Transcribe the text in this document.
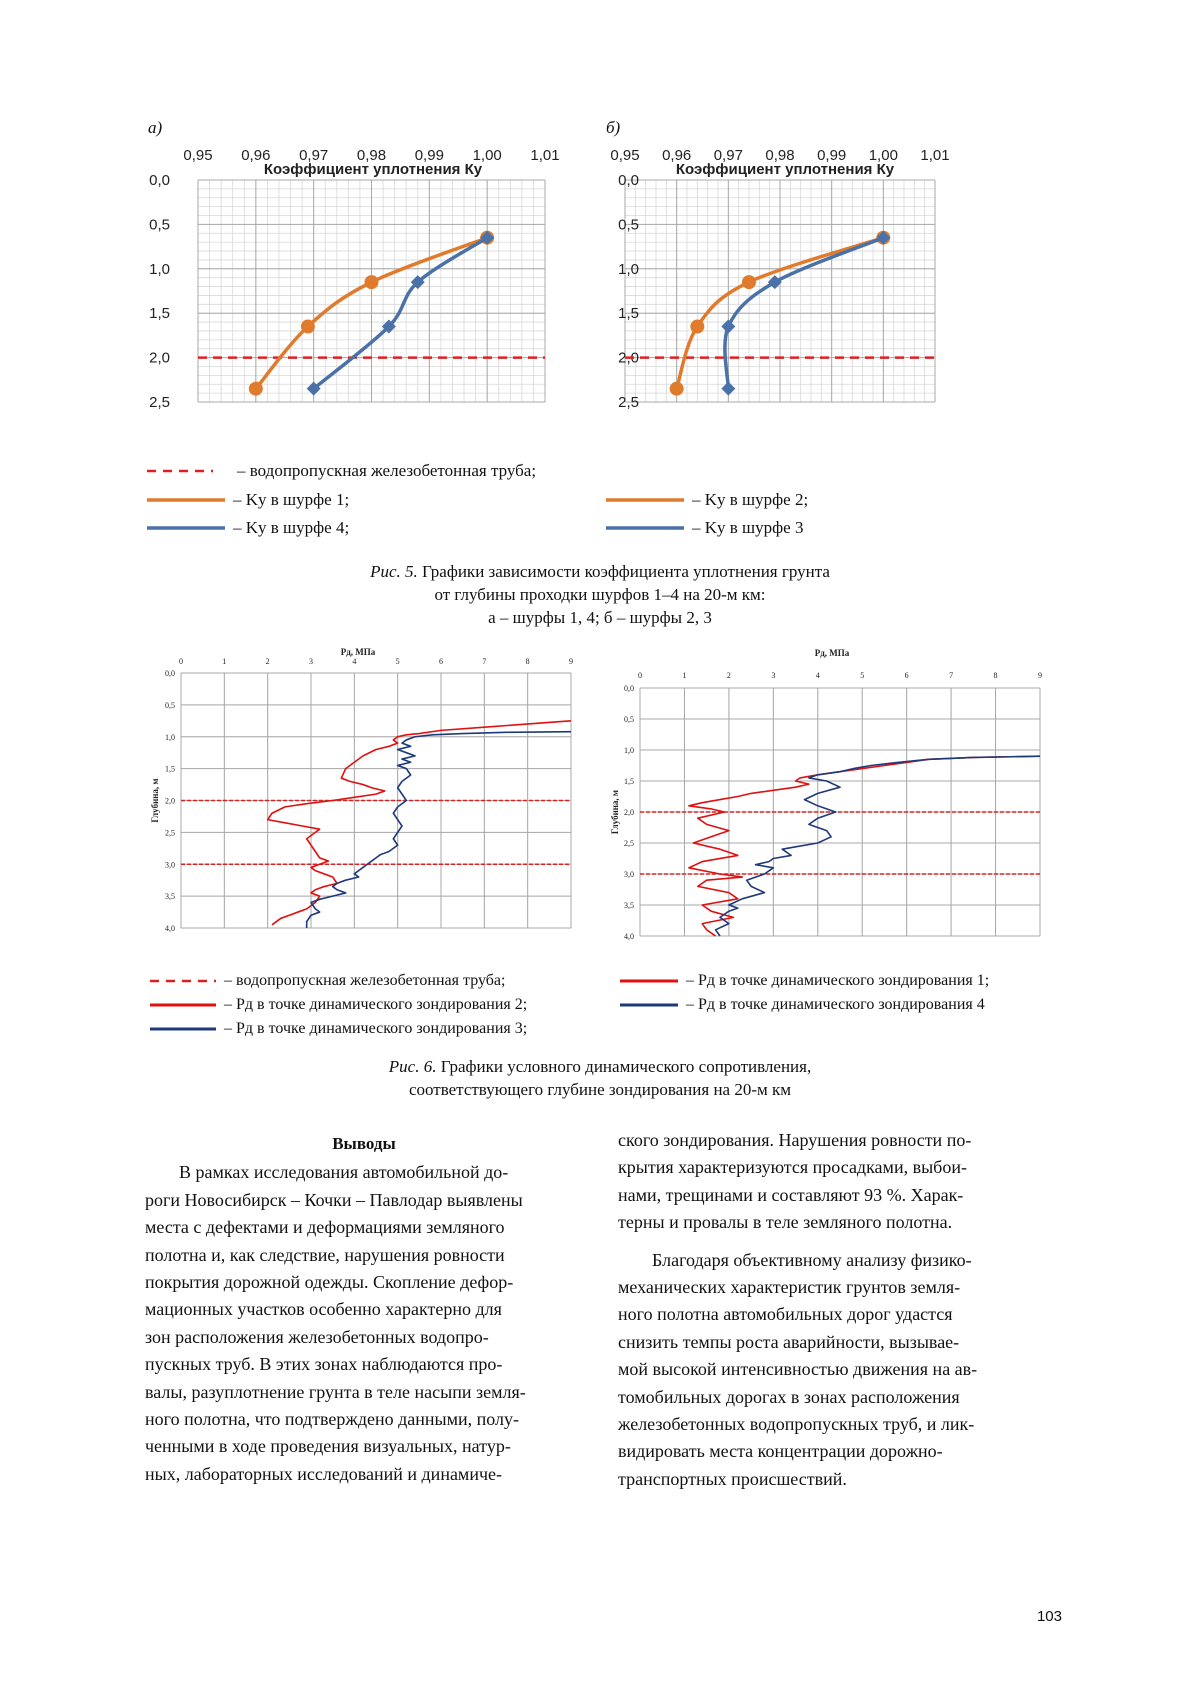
а)	б)
0,95 0,96 0,97 0,98 0,99 1,00 1,01
0,0
0,5
1,0
1,5
2,0
2,5
Коэффициент уплотнения Ку
0,95 0,96 0,97 0,98 0,99 1,00 1,01
0,0
0,5
1,0
1,5
2,0
2,5
Коэффициент уплотнения Ку
– водопропускная железобетонная труба;
– Kу в шурфе 1;
– Kу в шурфе 4;
– Kу в шурфе 2;
– Kу в шурфе 3
Рис. 5. Графики зависимости коэффициента уплотнения грунта
от глубины проходки шурфов 1–4 на 20-м км:
а – шурфы 1, 4; б – шурфы 2, 3
0	1	2	3	4	5	6	7	8	9
0,0
0,5
1,0
1,5
2,0
2,5
3,0
3,5
4,0
Pд, МПа
Глубина, м
0	1	2	3	4	5	6	7	8	9
0,0
0,5
1,0
1,5
2,0
2,5
3,0
3,5
4,0
Pд, МПа
Глубина, м
– водопропускная железобетонная труба;
– Pд в точке динамического зондирования 2;
– Pд в точке динамического зондирования 3;
– Pд в точке динамического зондирования 1;
– Pд в точке динамического зондирования 4
Рис. 6. Графики условного динамического сопротивления,
соответствующего глубине зондирования на 20-м км
Выводы

В рамках исследования автомобильной до-
роги Новосибирск – Кочки – Павлодар выявлены
места с дефектами и деформациями земляного
полотна и, как следствие, нарушения ровности
покрытия дорожной одежды. Скопление дефор-
мационных участков особенно характерно для
зон расположения железобетонных водопро-
пускных труб. В этих зонах наблюдаются про-
валы, разуплотнение грунта в теле насыпи земля-
ного полотна, что подтверждено данными, полу-
ченными в ходе проведения визуальных, натур-
ных, лабораторных исследований и динамиче-

ского зондирования. Нарушения ровности по-
крытия характеризуются просадками, выбои-
нами, трещинами и составляют 93 %. Харак-
терны и провалы в теле земляного полотна.

Благодаря объективному анализу физико-
механических характеристик грунтов земля-
ного полотна автомобильных дорог удастся
снизить темпы роста аварийности, вызывае-
мой высокой интенсивностью движения на ав-
томобильных дорогах в зонах расположения
железобетонных водопропускных труб, и лик-
видировать места концентрации дорожно-
транспортных происшествий.

103
